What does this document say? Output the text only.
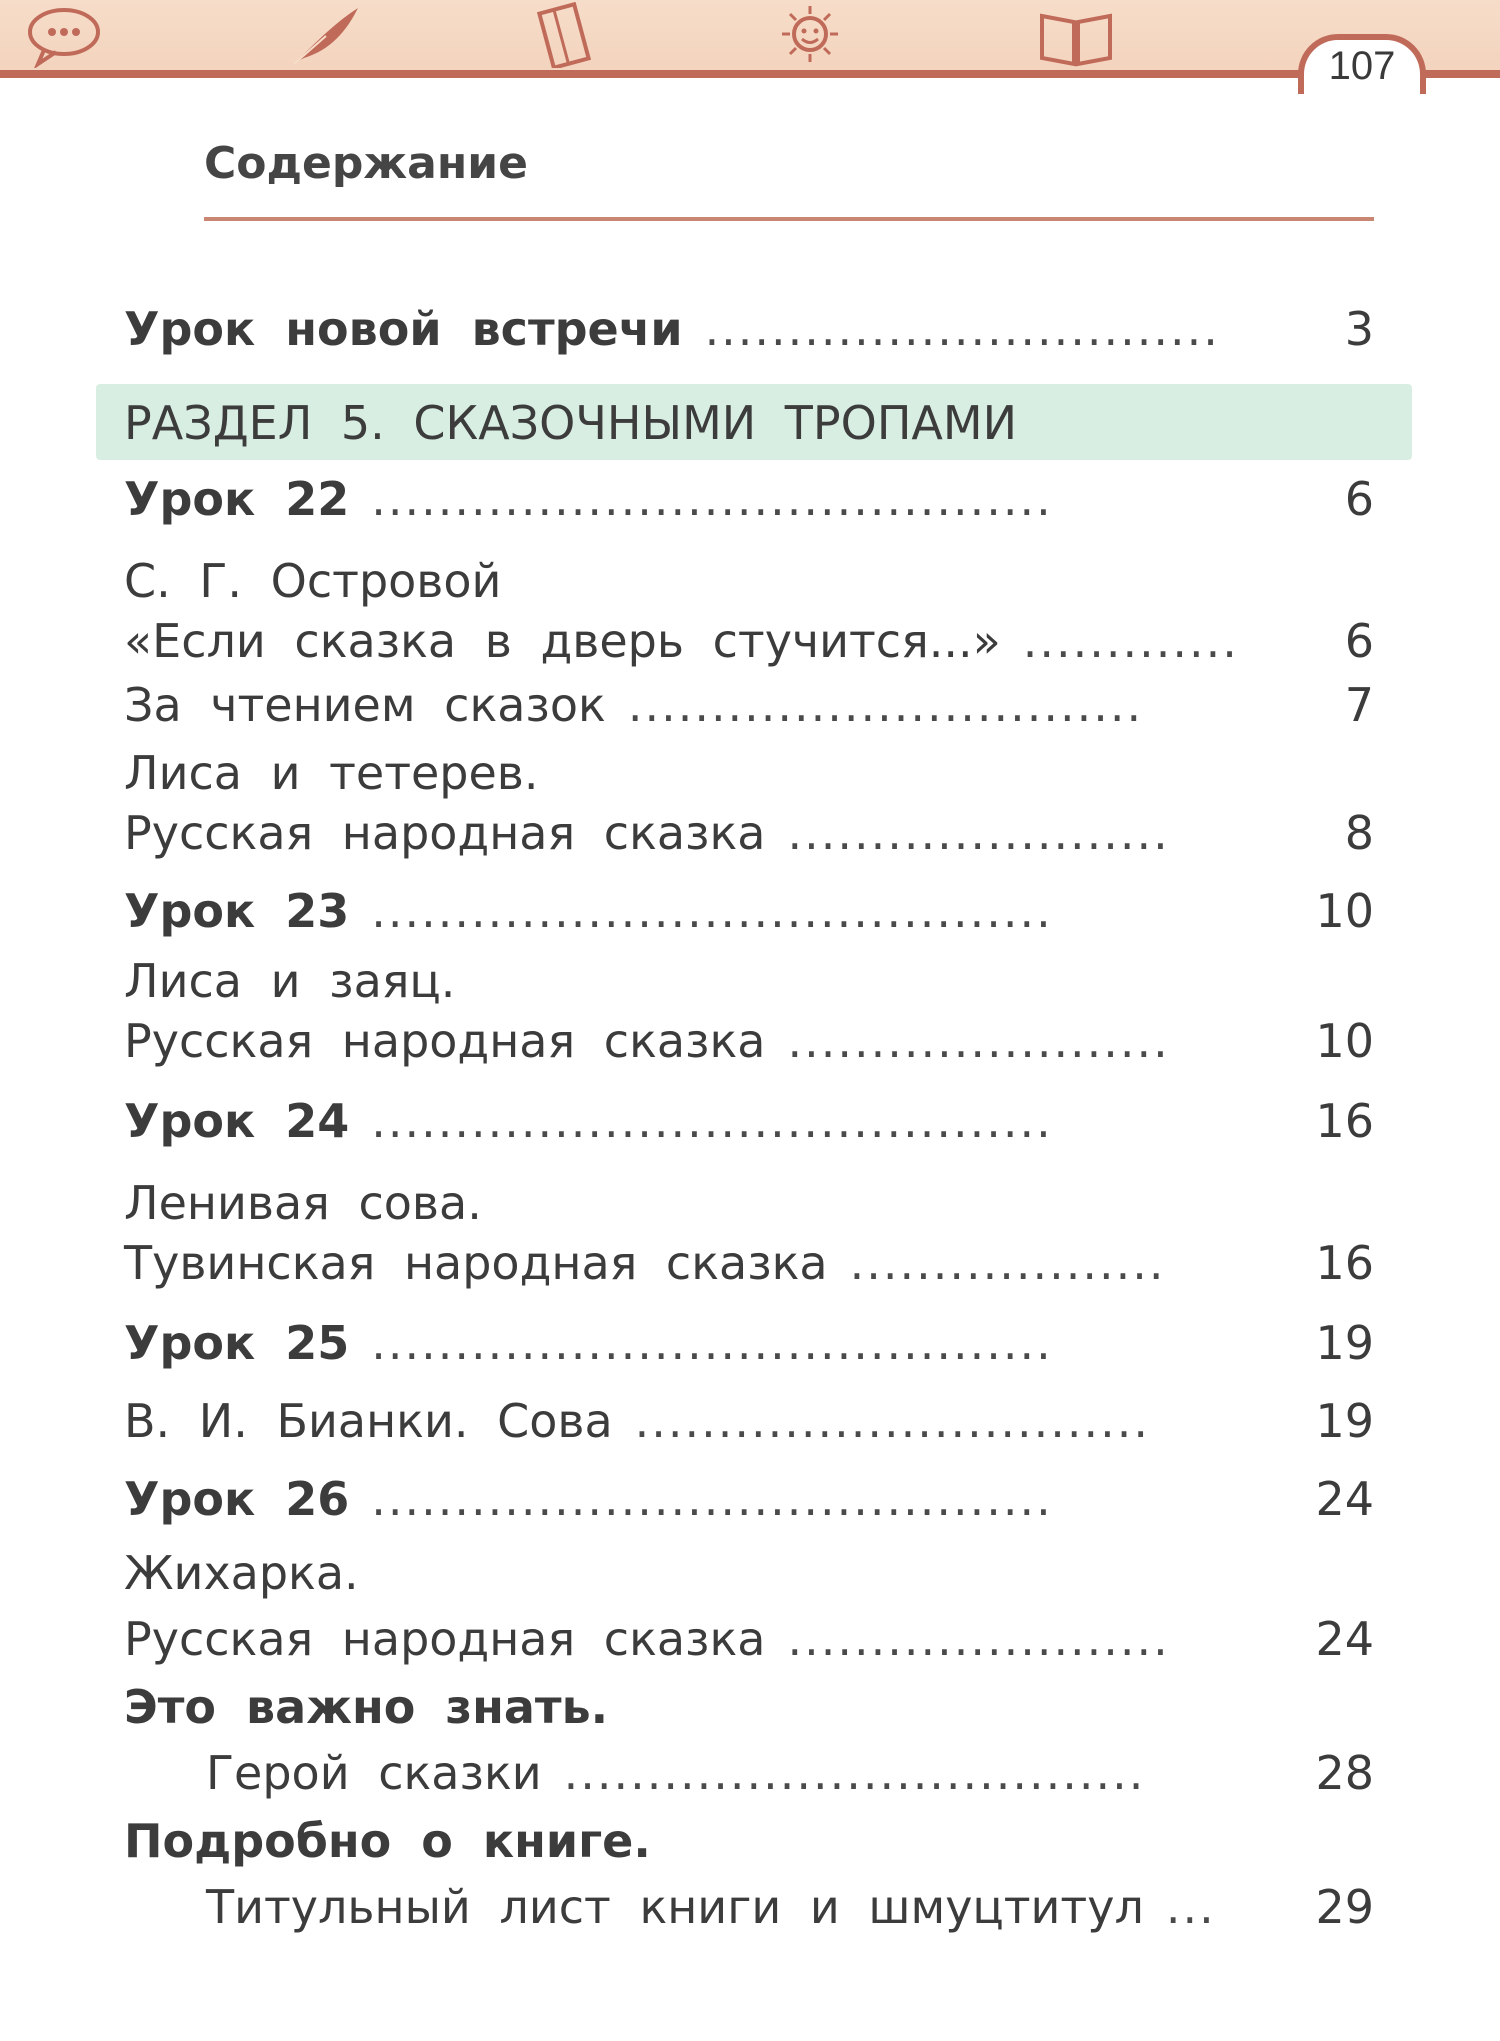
107
Содержание
Урок новой встречи ...............................	3
РАЗДЕЛ 5. СКАЗОЧНЫМИ ТРОПАМИ
Урок 22 .........................................	6
С. Г. Островой
«Если сказка в дверь стучится...» .............	6
За чтением сказок ...............................	7
Лиса и тетерев.
Русская народная сказка .......................	8
Урок 23 .........................................	10
Лиса и заяц.
Русская народная сказка .......................	10
Урок 24 .........................................	16
Ленивая сова.
Тувинская народная сказка ...................	16
Урок 25 .........................................	19
В. И. Бианки. Сова ...............................	19
Урок 26 .........................................	24
Жихарка.
Русская народная сказка .......................	24
Это важно знать.
Герой сказки ...................................	28
Подробно о книге.
Титульный лист книги и шмуцтитул ...	29
